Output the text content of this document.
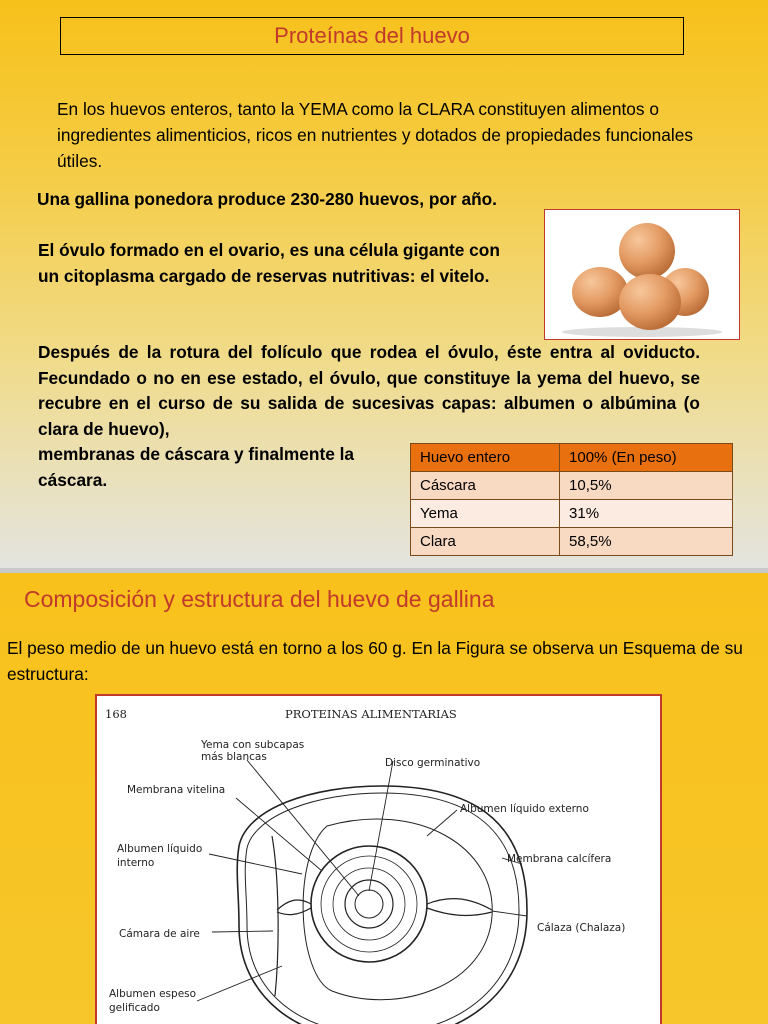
Proteínas del huevo

En los huevos enteros, tanto la YEMA como la CLARA constituyen alimentos o ingredientes alimenticios, ricos en nutrientes y dotados de propiedades funcionales útiles.

Una gallina ponedora produce 230-280 huevos, por año.

El óvulo formado en el ovario, es una célula gigante con un citoplasma cargado de reservas nutritivas: el vitelo.

Después de la rotura del folículo que rodea el óvulo, éste entra al oviducto. Fecundado o no en ese estado, el óvulo, que constituye la yema del huevo, se recubre en el curso de su salida de sucesivas capas: albumen o albúmina (o clara de huevo),

membranas de cáscara y finalmente la cáscara.

Huevo entero	100% (En peso)
Cáscara	10,5%
Yema	31%
Clara	58,5%
Composición y estructura del huevo de gallina
El peso medio de un huevo está en torno a los 60 g. En la Figura se observa un Esquema de su estructura:
168	PROTEINAS ALIMENTARIAS
Yema con subcapas
más blancas	Disco germinativo
Membrana vitelina
Albumen líquido externo
Albumen líquido
interno	Membrana calcífera
Cálaza (Chalaza)
Cámara de aire
Albumen espeso
gelificado
